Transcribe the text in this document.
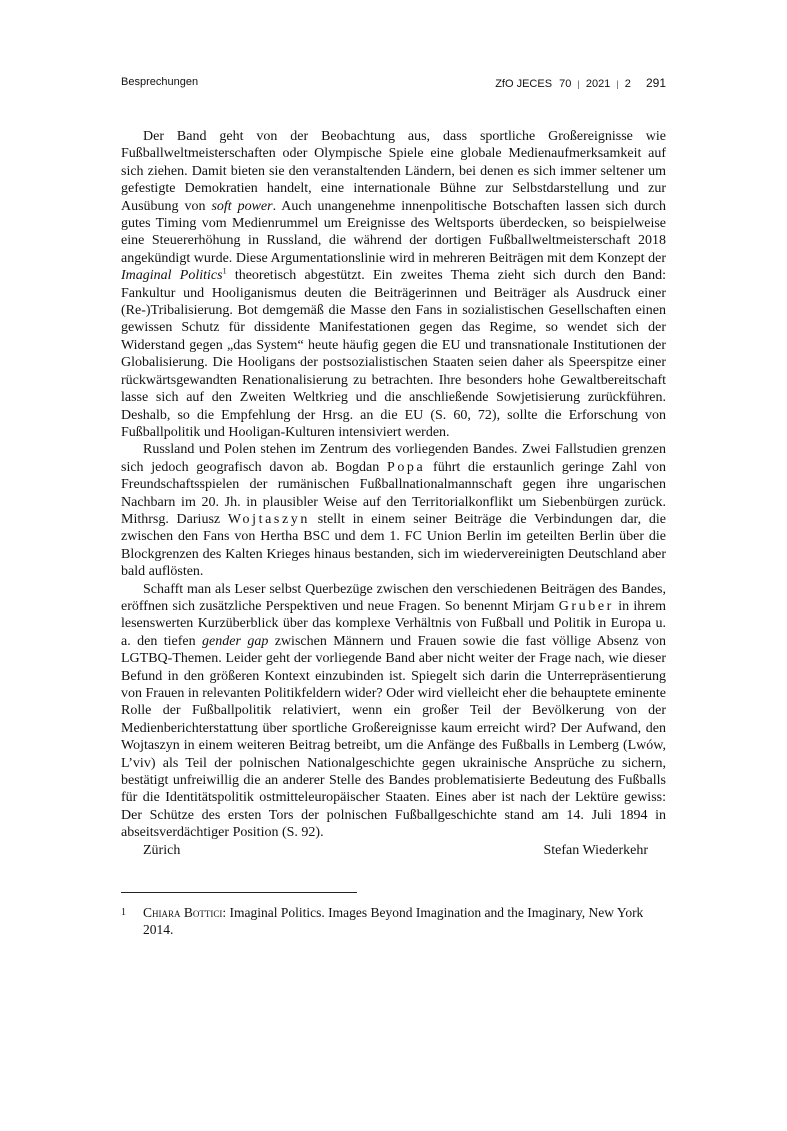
Besprechungen	ZfO JECES 70 | 2021 | 2 291

Der Band geht von der Beobachtung aus, dass sportliche Großereignisse wie Fußballweltmeisterschaften oder Olympische Spiele eine globale Medienaufmerksamkeit auf sich ziehen. Damit bieten sie den veranstaltenden Ländern, bei denen es sich immer seltener um gefestigte Demokratien handelt, eine internationale Bühne zur Selbstdarstellung und zur Ausübung von soft power. Auch unangenehme innenpolitische Botschaften lassen sich durch gutes Timing vom Medienrummel um Ereignisse des Weltsports überdecken, so beispielweise eine Steuererhöhung in Russland, die während der dortigen Fußballweltmeisterschaft 2018 angekündigt wurde. Diese Argumentationslinie wird in mehreren Beiträgen mit dem Konzept der Imaginal Politics$^1$ theoretisch abgestützt. Ein zweites Thema zieht sich durch den Band: Fankultur und Hooliganismus deuten die Beiträgerinnen und Beiträger als Ausdruck einer (Re-)Tribalisierung. Bot demgemäß die Masse den Fans in sozialistischen Gesellschaften einen gewissen Schutz für dissidente Manifestationen gegen das Regime, so wendet sich der Widerstand gegen „das System“ heute häufig gegen die EU und transnationale Institutionen der Globalisierung. Die Hooligans der postsozialistischen Staaten seien daher als Speerspitze einer rückwärtsgewandten Renationalisierung zu betrachten. Ihre besonders hohe Gewaltbereitschaft lasse sich auf den Zweiten Weltkrieg und die anschließende Sowjetisierung zurückführen. Deshalb, so die Empfehlung der Hrsg. an die EU (S. 60, 72), sollte die Erforschung von Fußballpolitik und Hooligan-Kulturen intensiviert werden.

Russland und Polen stehen im Zentrum des vorliegenden Bandes. Zwei Fallstudien grenzen sich jedoch geografisch davon ab. Bogdan Popa führt die erstaunlich geringe Zahl von Freundschaftsspielen der rumänischen Fußballnationalmannschaft gegen ihre ungarischen Nachbarn im 20. Jh. in plausibler Weise auf den Territorialkonflikt um Siebenbürgen zurück. Mithrsg. Dariusz Wojtaszyn stellt in einem seiner Beiträge die Verbindungen dar, die zwischen den Fans von Hertha BSC und dem 1. FC Union Berlin im geteilten Berlin über die Blockgrenzen des Kalten Krieges hinaus bestanden, sich im wiedervereinigten Deutschland aber bald auflösten.

Schafft man als Leser selbst Querbezüge zwischen den verschiedenen Beiträgen des Bandes, eröffnen sich zusätzliche Perspektiven und neue Fragen. So benennt Mirjam Gruber in ihrem lesenswerten Kurzüberblick über das komplexe Verhältnis von Fußball und Politik in Europa u. a. den tiefen gender gap zwischen Männern und Frauen sowie die fast völlige Absenz von LGTBQ-Themen. Leider geht der vorliegende Band aber nicht weiter der Frage nach, wie dieser Befund in den größeren Kontext einzubinden ist. Spiegelt sich darin die Unterrepräsentierung von Frauen in relevanten Politikfeldern wider? Oder wird vielleicht eher die behauptete eminente Rolle der Fußballpolitik relativiert, wenn ein großer Teil der Bevölkerung von der Medienberichterstattung über sportliche Großereignisse kaum erreicht wird? Der Aufwand, den Wojtaszyn in einem weiteren Beitrag betreibt, um die Anfänge des Fußballs in Lemberg (Lwów, L’viv) als Teil der polnischen Nationalgeschichte gegen ukrainische Ansprüche zu sichern, bestätigt unfreiwillig die an anderer Stelle des Bandes problematisierte Bedeutung des Fußballs für die Identitätspolitik ostmitteleuropäischer Staaten. Eines aber ist nach der Lektüre gewiss: Der Schütze des ersten Tors der polnischen Fußballgeschichte stand am 14. Juli 1894 in abseitsverdächtiger Position (S. 92).

Zürich	Stefan Wiederkehr
1 Chiara Bottici: Imaginal Politics. Images Beyond Imagination and the Imaginary, New York 2014.
